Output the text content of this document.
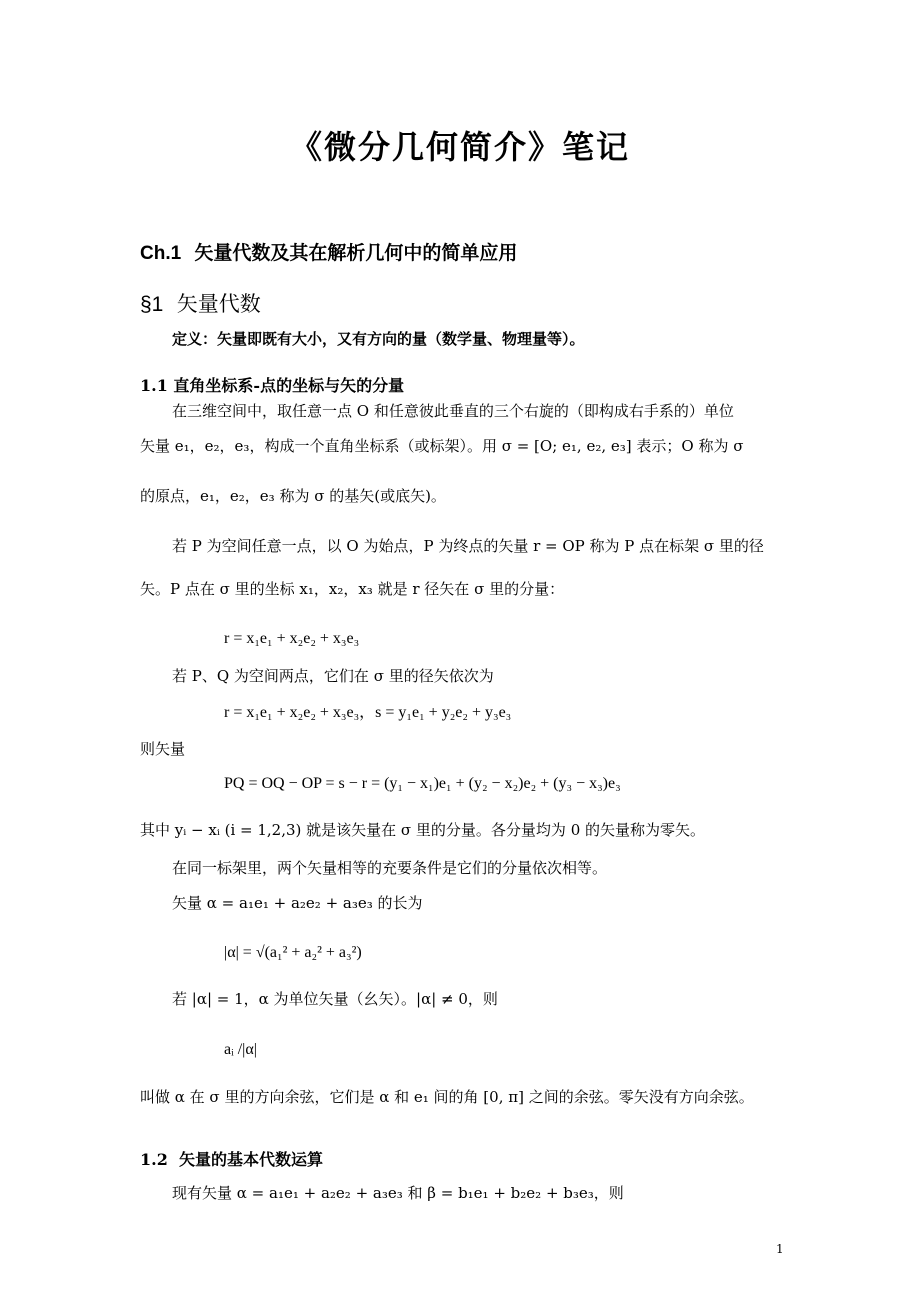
《微分几何简介》笔记
Ch.1 矢量代数及其在解析几何中的简单应用
§1 矢量代数
定义：矢量即既有大小，又有方向的量（数学量、物理量等）。
1.1 直角坐标系-点的坐标与矢的分量
在三维空间中，取任意一点 O 和任意彼此垂直的三个右旋的（即构成右手系的）单位
矢量 e₁，e₂，e₃，构成一个直角坐标系（或标架）。用 σ = [O; e₁, e₂, e₃] 表示；O 称为 σ
的原点，e₁，e₂，e₃ 称为 σ 的基矢(或底矢)。
若 P 为空间任意一点，以 O 为始点，P 为终点的矢量 r = OP 称为 P 点在标架 σ 里的径
矢。P 点在 σ 里的坐标 x₁，x₂，x₃ 就是 r 径矢在 σ 里的分量：
r = x₁e₁ + x₂e₂ + x₃e₃
若 P、Q 为空间两点，它们在 σ 里的径矢依次为
r = x₁e₁ + x₂e₂ + x₃e₃，s = y₁e₁ + y₂e₂ + y₃e₃
则矢量
PQ = OQ − OP = s − r = (y₁ − x₁)e₁ + (y₂ − x₂)e₂ + (y₃ − x₃)e₃
其中 yᵢ − xᵢ (i = 1,2,3) 就是该矢量在 σ 里的分量。各分量均为 0 的矢量称为零矢。
在同一标架里，两个矢量相等的充要条件是它们的分量依次相等。
矢量 α = a₁e₁ + a₂e₂ + a₃e₃ 的长为
|α| = √(a₁² + a₂² + a₃²)
若 |α| = 1，α 为单位矢量（幺矢）。|α| ≠ 0，则
aᵢ /|α|
叫做 α 在 σ 里的方向余弦，它们是 α 和 e₁ 间的角 [0, π] 之间的余弦。零矢没有方向余弦。
1.2 矢量的基本代数运算
现有矢量 α = a₁e₁ + a₂e₂ + a₃e₃ 和 β = b₁e₁ + b₂e₂ + b₃e₃，则
1
